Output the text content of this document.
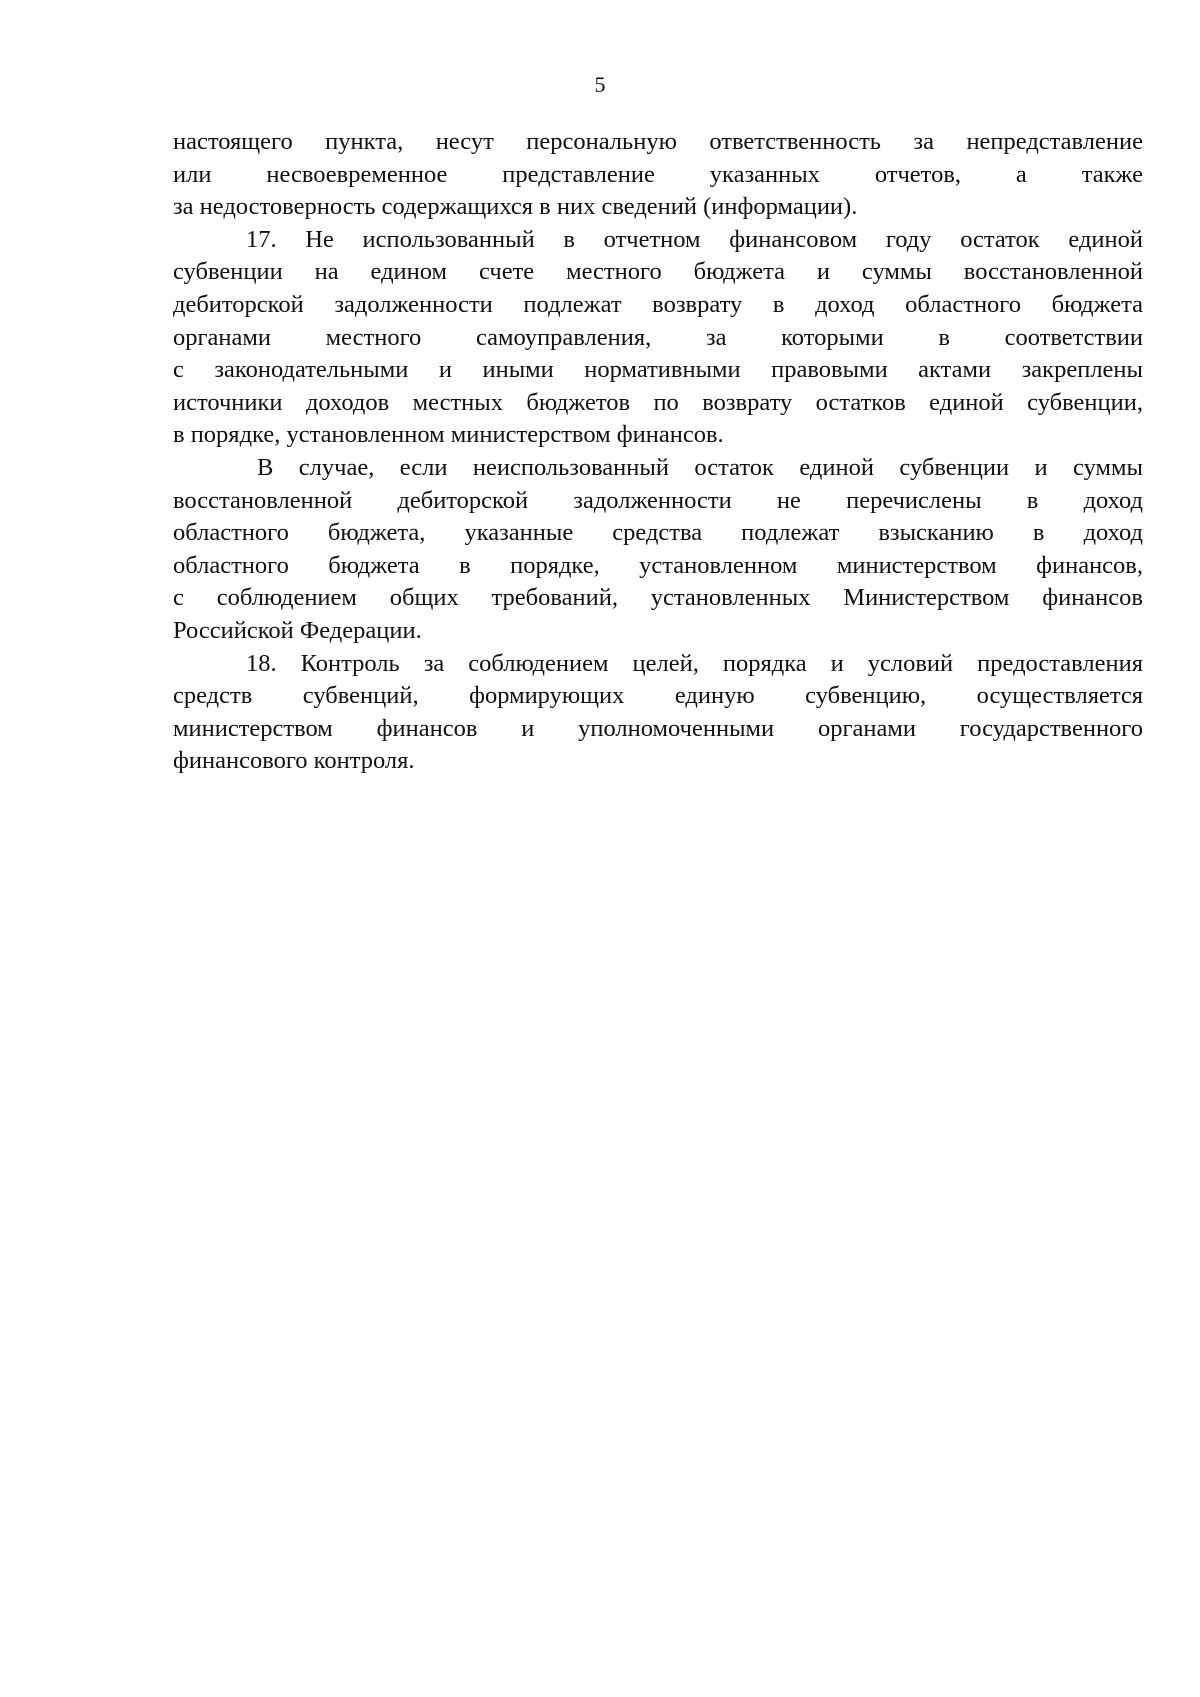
5
настоящего пункта, несут персональную ответственность за непредставление
или несвоевременное представление указанных отчетов, а также
за недостоверность содержащихся в них сведений (информации).
17. Не использованный в отчетном финансовом году остаток единой
субвенции на едином счете местного бюджета и суммы восстановленной
дебиторской задолженности подлежат возврату в доход областного бюджета
органами местного самоуправления, за которыми в соответствии
с законодательными и иными нормативными правовыми актами закреплены
источники доходов местных бюджетов по возврату остатков единой субвенции,
в порядке, установленном министерством финансов.
В случае, если неиспользованный остаток единой субвенции и суммы
восстановленной дебиторской задолженности не перечислены в доход
областного бюджета, указанные средства подлежат взысканию в доход
областного бюджета в порядке, установленном министерством финансов,
с соблюдением общих требований, установленных Министерством финансов
Российской Федерации.
18. Контроль за соблюдением целей, порядка и условий предоставления
средств субвенций, формирующих единую субвенцию, осуществляется
министерством финансов и уполномоченными органами государственного
финансового контроля.
